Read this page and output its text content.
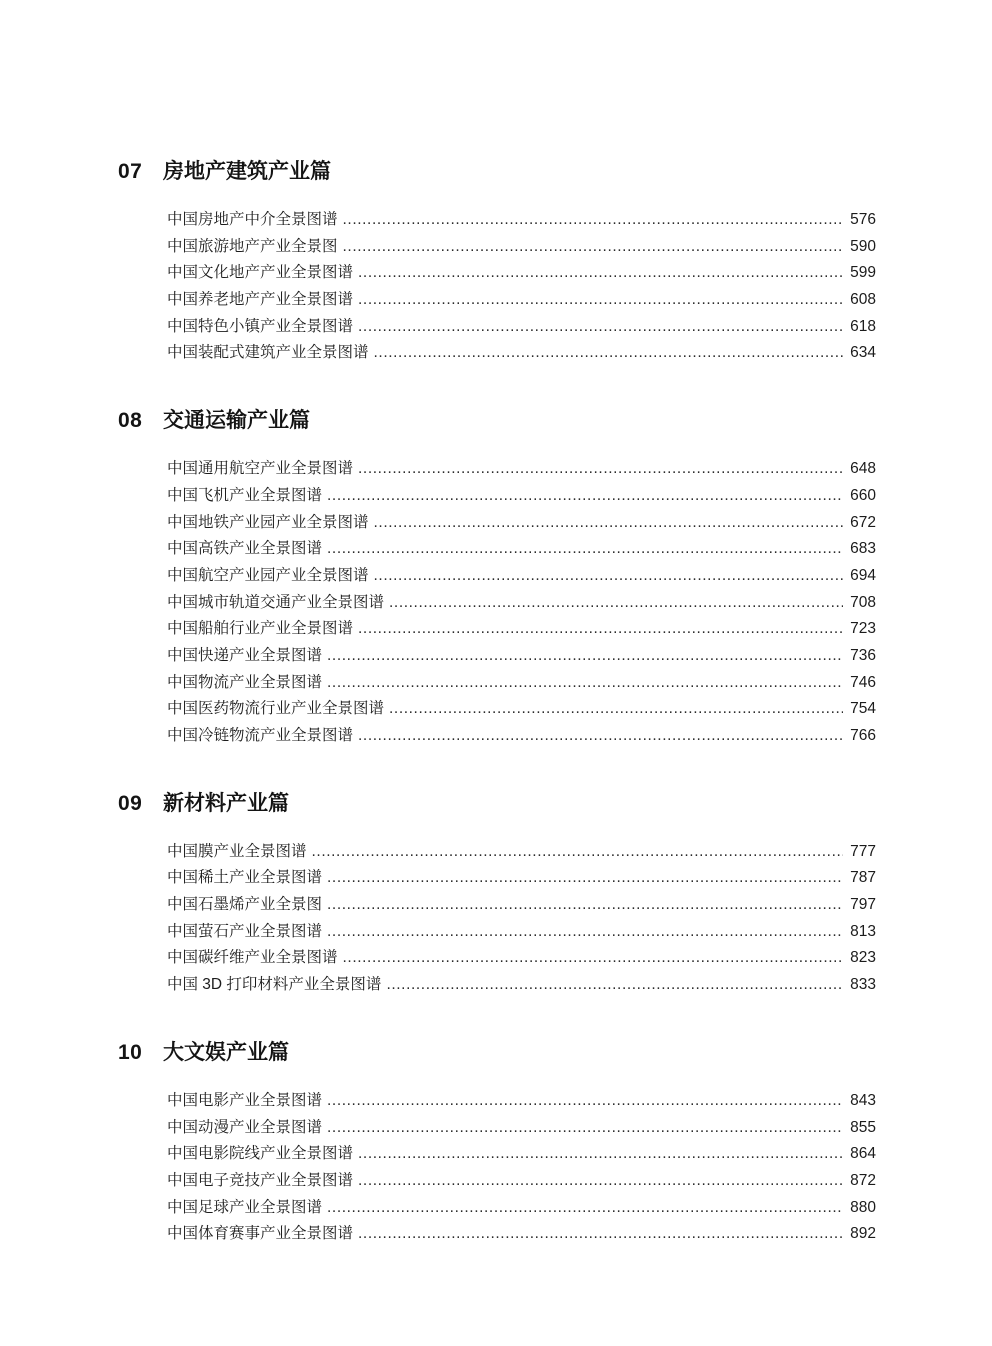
07 房地产建筑产业篇
中国房地产中介全景图谱 .....	576
中国旅游地产产业全景图 .....	590
中国文化地产产业全景图谱 .....	599
中国养老地产产业全景图谱 .....	608
中国特色小镇产业全景图谱 .....	618
中国装配式建筑产业全景图谱 .....	634
08 交通运输产业篇
中国通用航空产业全景图谱 .....	648
中国飞机产业全景图谱 .....	660
中国地铁产业园产业全景图谱 .....	672
中国高铁产业全景图谱 .....	683
中国航空产业园产业全景图谱 .....	694
中国城市轨道交通产业全景图谱 .....	708
中国船舶行业产业全景图谱 .....	723
中国快递产业全景图谱 .....	736
中国物流产业全景图谱 .....	746
中国医药物流行业产业全景图谱 .....	754
中国冷链物流产业全景图谱 .....	766
09 新材料产业篇
中国膜产业全景图谱 .....	777
中国稀土产业全景图谱 .....	787
中国石墨烯产业全景图 .....	797
中国萤石产业全景图谱 .....	813
中国碳纤维产业全景图谱 .....	823
中国 3D 打印材料产业全景图谱 .....	833
10 大文娱产业篇
中国电影产业全景图谱 .....	843
中国动漫产业全景图谱 .....	855
中国电影院线产业全景图谱 .....	864
中国电子竞技产业全景图谱 .....	872
中国足球产业全景图谱 .....	880
中国体育赛事产业全景图谱 .....	892
